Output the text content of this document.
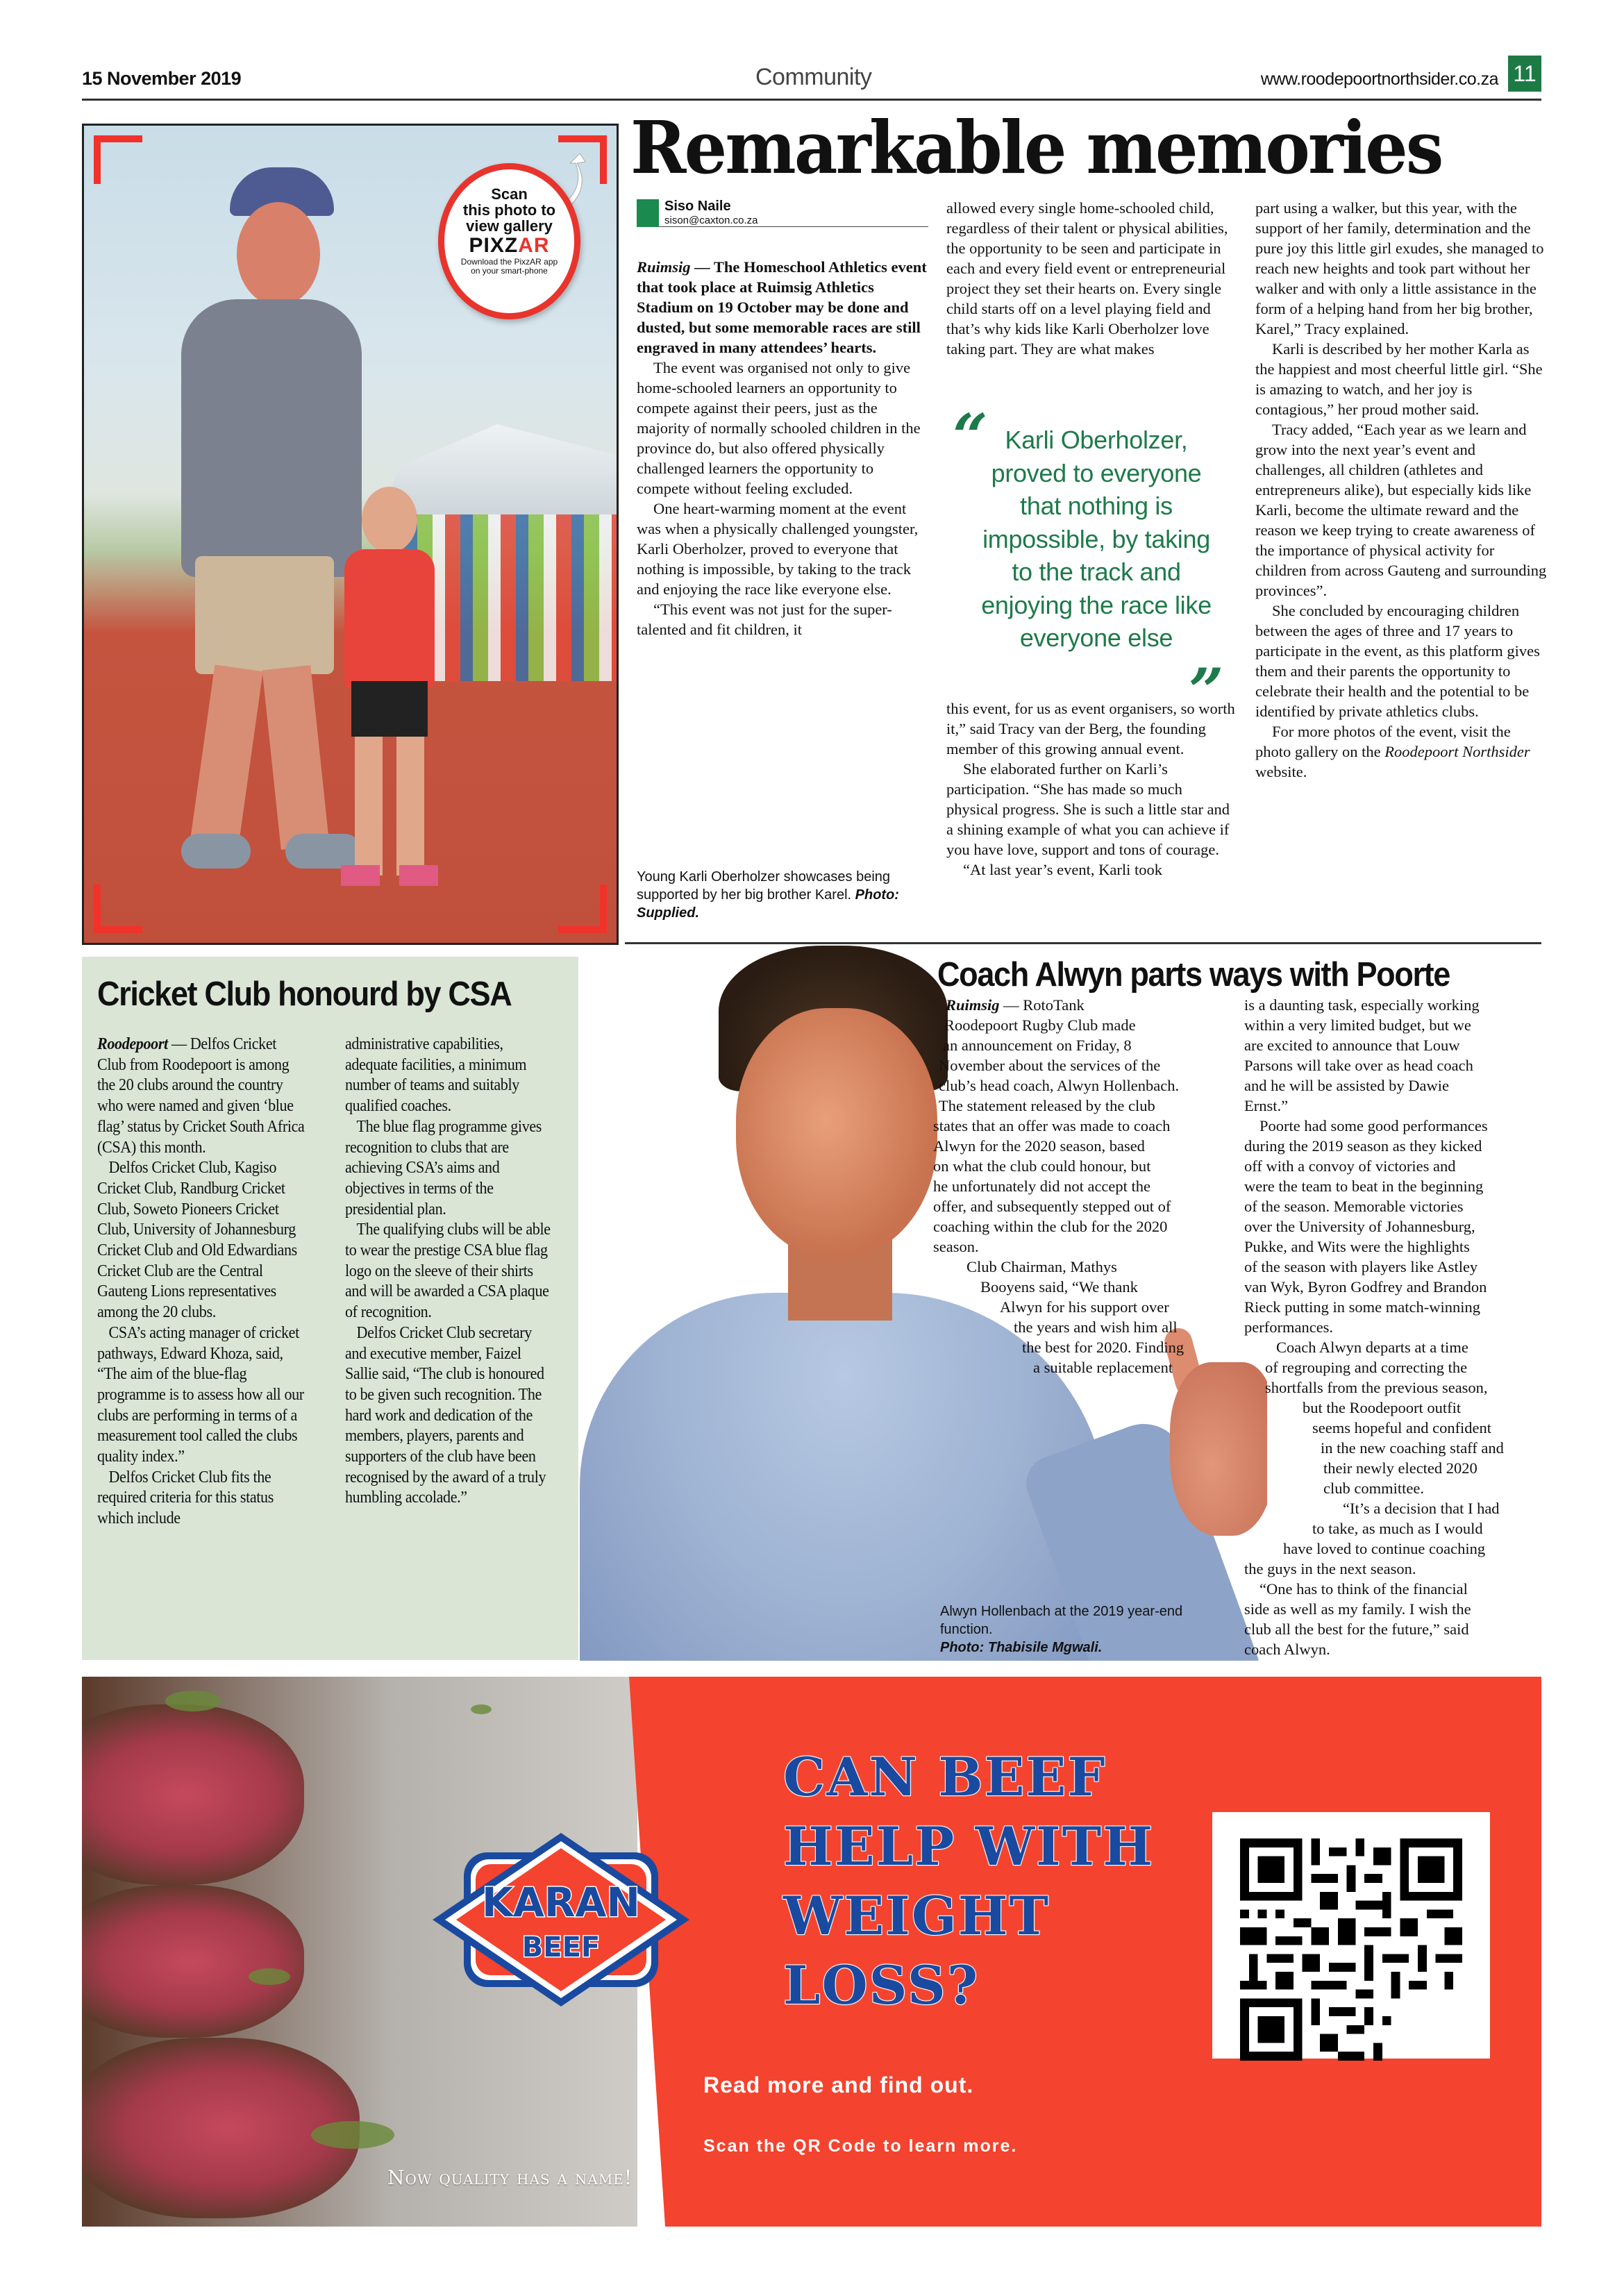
15 November 2019	Community	www.roodepoortnorthsider.co.za 11
Scan
this photo to
view gallery
PIXZAR
Download the PixzAR app on your smart-phone
Remarkable memories
Siso Naile
sison@caxton.co.za

Ruimsig — The Homeschool Athletics event that took place at Ruimsig Athletics Stadium on 19 October may be done and dusted, but some memorable races are still engraved in many attendees’ hearts.

The event was organised not only to give home-schooled learners an opportunity to compete against their peers, just as the majority of normally schooled children in the province do, but also offered physically challenged learners the opportunity to compete without feeling excluded.

One heart-warming moment at the event was when a physically challenged youngster, Karli Oberholzer, proved to everyone that nothing is impossible, by taking to the track and enjoying the race like everyone else.

“This event was not just for the super-talented and fit children, it

allowed every single home-schooled child, regardless of their talent or physical abilities, the opportunity to be seen and participate in each and every field event or entrepreneurial project they set their hearts on. Every single child starts off on a level playing field and that’s why kids like Karli Oberholzer love taking part. They are what makes

“ Karli Oberholzer, proved to everyone that nothing is impossible, by taking to the track and enjoying the race like everyone else
”

this event, for us as event organisers, so worth it,” said Tracy van der Berg, the founding member of this growing annual event.

She elaborated further on Karli’s participation. “She has made so much physical progress. She is such a little star and a shining example of what you can achieve if you have love, support and tons of courage.

“At last year’s event, Karli took

part using a walker, but this year, with the support of her family, determination and the pure joy this little girl exudes, she managed to reach new heights and took part without her walker and with only a little assistance in the form of a helping hand from her big brother, Karel,” Tracy explained.

Karli is described by her mother Karla as the happiest and most cheerful little girl. “She is amazing to watch, and her joy is contagious,” her proud mother said.

Tracy added, “Each year as we learn and grow into the next year’s event and challenges, all children (athletes and entrepreneurs alike), but especially kids like Karli, become the ultimate reward and the reason we keep trying to create awareness of the importance of physical activity for children from across Gauteng and surrounding provinces”.

She concluded by encouraging children between the ages of three and 17 years to participate in the event, as this platform gives them and their parents the opportunity to celebrate their health and the potential to be identified by private athletics clubs.

For more photos of the event, visit the photo gallery on the Roodepoort Northsider website.

Young Karli Oberholzer showcases being supported by her big brother Karel. Photo: Supplied.
Cricket Club honourd by CSA

Roodepoort — Delfos Cricket Club from Roodepoort is among the 20 clubs around the country who were named and given ‘blue flag’ status by Cricket South Africa (CSA) this month.

Delfos Cricket Club, Kagiso Cricket Club, Randburg Cricket Club, Soweto Pioneers Cricket Club, University of Johannesburg Cricket Club and Old Edwardians Cricket Club are the Central Gauteng Lions representatives among the 20 clubs.

CSA’s acting manager of cricket pathways, Edward Khoza, said, “The aim of the blue-flag programme is to assess how all our clubs are performing in terms of a measurement tool called the clubs quality index.”

Delfos Cricket Club fits the required criteria for this status which include

administrative capabilities, adequate facilities, a minimum number of teams and suitably qualified coaches.

The blue flag programme gives recognition to clubs that are achieving CSA’s aims and objectives in terms of the presidential plan.

The qualifying clubs will be able to wear the prestige CSA blue flag logo on the sleeve of their shirts and will be awarded a CSA plaque of recognition.

Delfos Cricket Club secretary and executive member, Faizel Sallie said, “The club is honoured to be given such recognition. The hard work and dedication of the members, players, parents and supporters of the club have been recognised by the award of a truly humbling accolade.”

Coach Alwyn parts ways with Poorte
Ruimsig — RotoTank
Roodepoort Rugby Club made
an announcement on Friday, 8
November about the services of the
club’s head coach, Alwyn Hollenbach.
The statement released by the club
states that an offer was made to coach
Alwyn for the 2020 season, based
on what the club could honour, but
he unfortunately did not accept the
offer, and subsequently stepped out of
coaching within the club for the 2020
season.
Club Chairman, Mathys
Booyens said, “We thank
Alwyn for his support over
the years and wish him all
the best for 2020. Finding
a suitable replacement
is a daunting task, especially working
within a very limited budget, but we
are excited to announce that Louw
Parsons will take over as head coach
and he will be assisted by Dawie
Ernst.”
Poorte had some good performances
during the 2019 season as they kicked
off with a convoy of victories and
were the team to beat in the beginning
of the season. Memorable victories
over the University of Johannesburg,
Pukke, and Wits were the highlights
of the season with players like Astley
van Wyk, Byron Godfrey and Brandon
Rieck putting in some match-winning
performances.
Coach Alwyn departs at a time
of regrouping and correcting the
shortfalls from the previous season,
but the Roodepoort outfit
seems hopeful and confident
in the new coaching staff and
their newly elected 2020
club committee.
“It’s a decision that I had
to take, as much as I would
have loved to continue coaching
the guys in the next season.
“One has to think of the financial
side as well as my family. I wish the
club all the best for the future,” said
coach Alwyn.
Alwyn Hollenbach at the 2019 year-end function.
Photo: Thabisile Mgwali.
KARAN
BEEF
Now quality has a name!
CAN BEEF
HELP WITH
WEIGHT
LOSS?
Read more and find out.
Scan the QR Code to learn more.
